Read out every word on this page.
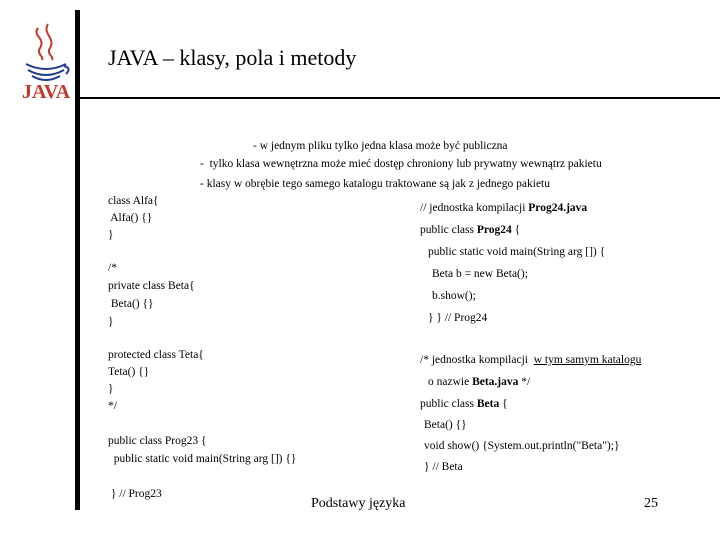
JAVA
JAVA – klasy, pola i metody
- w jednym pliku tylko jedna klasa może być publiczna
-  tylko klasa wewnętrzna może mieć dostęp chroniony lub prywatny wewnątrz pakietu
- klasy w obrębie tego samego katalogu traktowane są jak z jednego pakietu
class Alfa{
Alfa() {}
}
/*
private class Beta{
Beta() {}
}
protected class Teta{
Teta() {}
}
*/
public class Prog23 {
public static void main(String arg []) {}
} // Prog23
// jednostka kompilacji Prog24.java
public class Prog24 {
public static void main(String arg []) {
Beta b = new Beta();
b.show();
} } // Prog24
/* jednostka kompilacji  w tym samym katalogu
o nazwie Beta.java */
public class Beta {
Beta() {}
void show() {System.out.println("Beta");}
} // Beta
Podstawy języka	25
